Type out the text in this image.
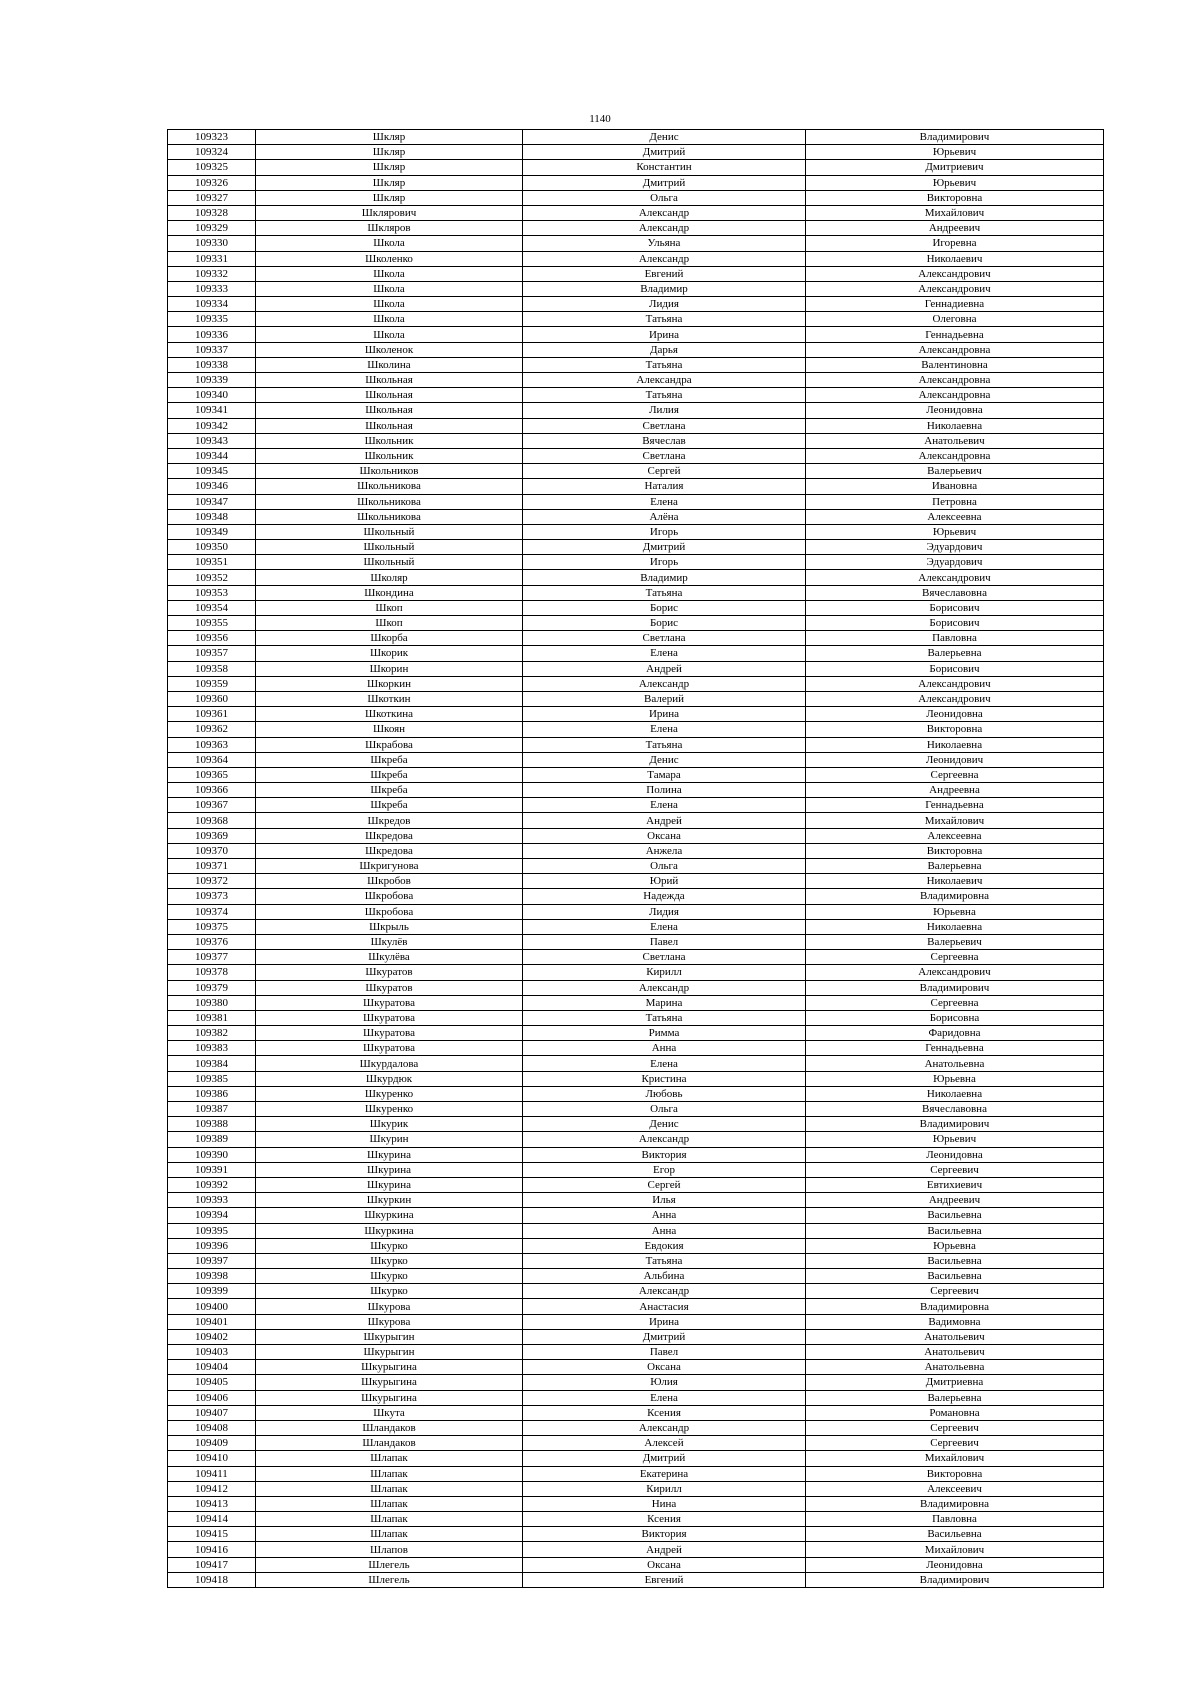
1140
109323	Шкляр	Денис	Владимирович
109324	Шкляр	Дмитрий	Юрьевич
109325	Шкляр	Константин	Дмитриевич
109326	Шкляр	Дмитрий	Юрьевич
109327	Шкляр	Ольга	Викторовна
109328	Шклярович	Александр	Михайлович
109329	Шкляров	Александр	Андреевич
109330	Школа	Ульяна	Игоревна
109331	Школенко	Александр	Николаевич
109332	Школа	Евгений	Александрович
109333	Школа	Владимир	Александрович
109334	Школа	Лидия	Геннадиевна
109335	Школа	Татьяна	Олеговна
109336	Школа	Ирина	Геннадьевна
109337	Школенок	Дарья	Александровна
109338	Школина	Татьяна	Валентиновна
109339	Школьная	Александра	Александровна
109340	Школьная	Татьяна	Александровна
109341	Школьная	Лилия	Леонидовна
109342	Школьная	Светлана	Николаевна
109343	Школьник	Вячеслав	Анатольевич
109344	Школьник	Светлана	Александровна
109345	Школьников	Сергей	Валерьевич
109346	Школьникова	Наталия	Ивановна
109347	Школьникова	Елена	Петровна
109348	Школьникова	Алёна	Алексеевна
109349	Школьный	Игорь	Юрьевич
109350	Школьный	Дмитрий	Эдуардович
109351	Школьный	Игорь	Эдуардович
109352	Школяр	Владимир	Александрович
109353	Шкондина	Татьяна	Вячеславовна
109354	Шкоп	Борис	Борисович
109355	Шкоп	Борис	Борисович
109356	Шкорба	Светлана	Павловна
109357	Шкорик	Елена	Валерьевна
109358	Шкорин	Андрей	Борисович
109359	Шкоркин	Александр	Александрович
109360	Шкоткин	Валерий	Александрович
109361	Шкоткина	Ирина	Леонидовна
109362	Шкоян	Елена	Викторовна
109363	Шкрабова	Татьяна	Николаевна
109364	Шкреба	Денис	Леонидович
109365	Шкреба	Тамара	Сергеевна
109366	Шкреба	Полина	Андреевна
109367	Шкреба	Елена	Геннадьевна
109368	Шкредов	Андрей	Михайлович
109369	Шкредова	Оксана	Алексеевна
109370	Шкредова	Анжела	Викторовна
109371	Шкригунова	Ольга	Валерьевна
109372	Шкробов	Юрий	Николаевич
109373	Шкробова	Надежда	Владимировна
109374	Шкробова	Лидия	Юрьевна
109375	Шкрыль	Елена	Николаевна
109376	Шкулёв	Павел	Валерьевич
109377	Шкулёва	Светлана	Сергеевна
109378	Шкуратов	Кирилл	Александрович
109379	Шкуратов	Александр	Владимирович
109380	Шкуратова	Марина	Сергеевна
109381	Шкуратова	Татьяна	Борисовна
109382	Шкуратова	Римма	Фаридовна
109383	Шкуратова	Анна	Геннадьевна
109384	Шкурдалова	Елена	Анатольевна
109385	Шкурдюк	Кристина	Юрьевна
109386	Шкуренко	Любовь	Николаевна
109387	Шкуренко	Ольга	Вячеславовна
109388	Шкурик	Денис	Владимирович
109389	Шкурин	Александр	Юрьевич
109390	Шкурина	Виктория	Леонидовна
109391	Шкурина	Егор	Сергеевич
109392	Шкурина	Сергей	Евтихиевич
109393	Шкуркин	Илья	Андреевич
109394	Шкуркина	Анна	Васильевна
109395	Шкуркина	Анна	Васильевна
109396	Шкурко	Евдокия	Юрьевна
109397	Шкурко	Татьяна	Васильевна
109398	Шкурко	Альбина	Васильевна
109399	Шкурко	Александр	Сергеевич
109400	Шкурова	Анастасия	Владимировна
109401	Шкурова	Ирина	Вадимовна
109402	Шкурыгин	Дмитрий	Анатольевич
109403	Шкурыгин	Павел	Анатольевич
109404	Шкурыгина	Оксана	Анатольевна
109405	Шкурыгина	Юлия	Дмитриевна
109406	Шкурыгина	Елена	Валерьевна
109407	Шкута	Ксения	Романовна
109408	Шландаков	Александр	Сергеевич
109409	Шландаков	Алексей	Сергеевич
109410	Шлапак	Дмитрий	Михайлович
109411	Шлапак	Екатерина	Викторовна
109412	Шлапак	Кирилл	Алексеевич
109413	Шлапак	Нина	Владимировна
109414	Шлапак	Ксения	Павловна
109415	Шлапак	Виктория	Васильевна
109416	Шлапов	Андрей	Михайлович
109417	Шлегель	Оксана	Леонидовна
109418	Шлегель	Евгений	Владимирович
